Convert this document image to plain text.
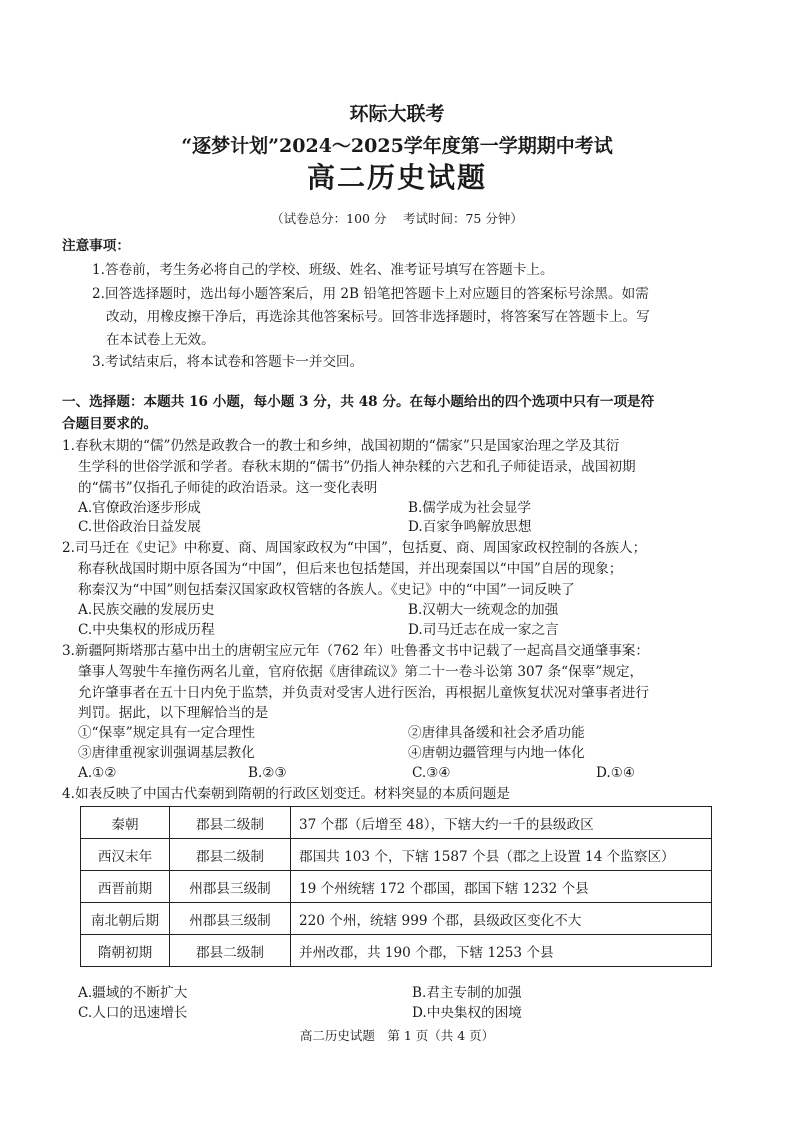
环际大联考
“逐梦计划”2024～2025学年度第一学期期中考试
高二历史试题
（试卷总分：100 分　 考试时间：75 分钟）
注意事项：
1.答卷前，考生务必将自己的学校、班级、姓名、准考证号填写在答题卡上。
2.回答选择题时，选出每小题答案后，用 2B 铅笔把答题卡上对应题目的答案标号涂黑。如需
改动，用橡皮擦干净后，再选涂其他答案标号。回答非选择题时，将答案写在答题卡上。写
在本试卷上无效。
3.考试结束后，将本试卷和答题卡一并交回。
一、选择题：本题共 16 小题，每小题 3 分，共 48 分。在每小题给出的四个选项中只有一项是符
合题目要求的。
1.春秋末期的“儒”仍然是政教合一的教士和乡绅，战国初期的“儒家”只是国家治理之学及其衍
生学科的世俗学派和学者。春秋末期的“儒书”仍指人神杂糅的六艺和孔子师徒语录，战国初期
的“儒书”仅指孔子师徒的政治语录。这一变化表明
A.官僚政治逐步形成	B.儒学成为社会显学
C.世俗政治日益发展	D.百家争鸣解放思想
2.司马迁在《史记》中称夏、商、周国家政权为“中国”，包括夏、商、周国家政权控制的各族人；
称春秋战国时期中原各国为“中国”，但后来也包括楚国，并出现秦国以“中国”自居的现象；
称秦汉为“中国”则包括秦汉国家政权管辖的各族人。《史记》中的“中国”一词反映了
A.民族交融的发展历史	B.汉朝大一统观念的加强
C.中央集权的形成历程	D.司马迁志在成一家之言
3.新疆阿斯塔那古墓中出土的唐朝宝应元年（762 年）吐鲁番文书中记载了一起高昌交通肇事案：
肇事人驾驶牛车撞伤两名儿童，官府依据《唐律疏议》第二十一卷斗讼第 307 条“保辜”规定，
允许肇事者在五十日内免于监禁，并负责对受害人进行医治，再根据儿童恢复状况对肇事者进行
判罚。据此，以下理解恰当的是
①“保辜”规定具有一定合理性	②唐律具备缓和社会矛盾功能
③唐律重视家训强调基层教化	④唐朝边疆管理与内地一体化
A.①②	B.②③	C.③④	D.①④
4.如表反映了中国古代秦朝到隋朝的行政区划变迁。材料突显的本质问题是
秦朝	郡县二级制	37 个郡（后增至 48），下辖大约一千的县级政区
西汉末年	郡县二级制	郡国共 103 个，下辖 1587 个县（郡之上设置 14 个监察区）
西晋前期	州郡县三级制	19 个州统辖 172 个郡国，郡国下辖 1232 个县
南北朝后期	州郡县三级制	220 个州，统辖 999 个郡，县级政区变化不大
隋朝初期	郡县二级制	并州改郡，共 190 个郡，下辖 1253 个县
A.疆域的不断扩大	B.君主专制的加强
C.人口的迅速增长	D.中央集权的困境
高二历史试题　第 1 页（共 4 页）
